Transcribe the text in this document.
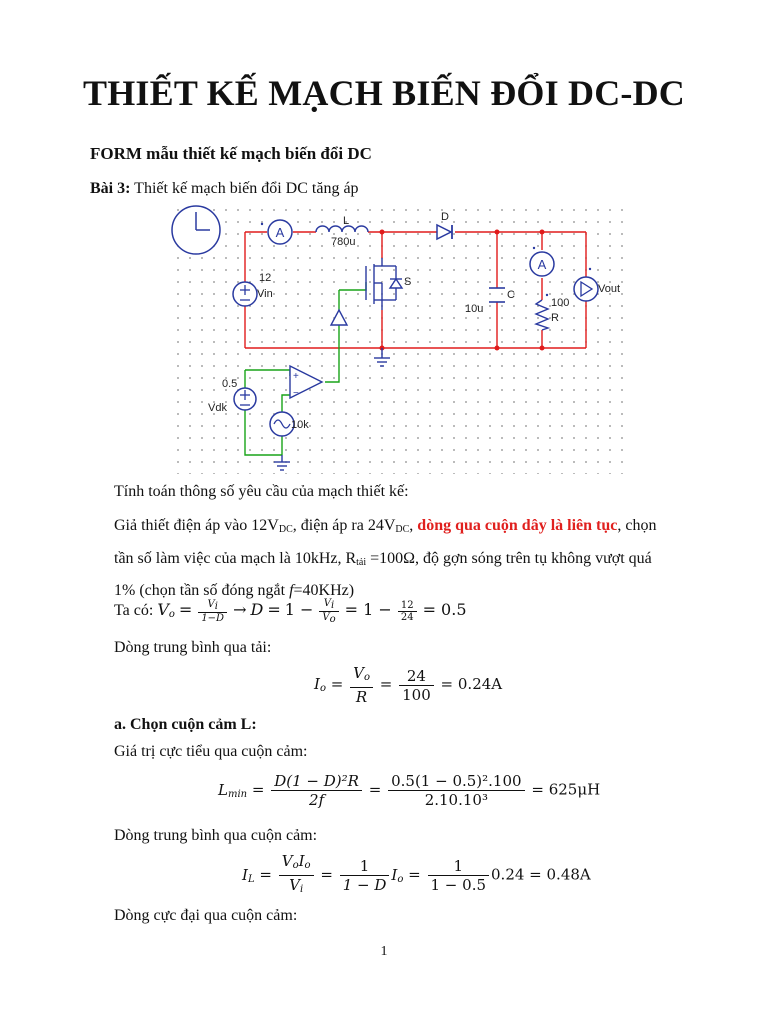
THIẾT KẾ MẠCH BIẾN ĐỔI DC-DC
FORM mẫu thiết kế mạch biến đổi DC
Bài 3: Thiết kế mạch biến đổi DC tăng áp
A
L
780u
D
12
Vin
S
C
10u
A
100
R
Vout
+
−
0.5
Vdk
10k
Tính toán thông số yêu cầu của mạch thiết kế:
Giả thiết điện áp vào $12V_{DC}$, điện áp ra $24V_{DC}$, dòng qua cuộn dây là liên tục, chọn tần số làm việc của mạch là 10kHz, $R_{tải} =100\Omega$, độ gợn sóng trên tụ không vượt quá 1% (chọn tần số đóng ngắt f=40KHz)
Ta có: $V_o = \frac{V_i}{1-D} \to D = 1 - \frac{V_i}{V_o} = 1 - \frac{12}{24} = 0.5$
Dòng trung bình qua tải:
$I_o = \frac{V_o}{R} = \frac{24}{100} = 0.24A$
a. Chọn cuộn cảm L:
Giá trị cực tiểu qua cuộn cảm:
$L_{min} = \frac{\text{D(1 − D)²R}}{2f} = \frac{\text{0.5(1 − 0.5)².100}}{\text{2.10.10³}} = 625\mu H$
Dòng trung bình qua cuộn cảm:
$I_L = \frac{V_oI_o}{V_i} = \frac{1}{1 - D} I_o = \frac{1}{1 - 0.5} 0.24 = 0.48A$
Dòng cực đại qua cuộn cảm:
1
